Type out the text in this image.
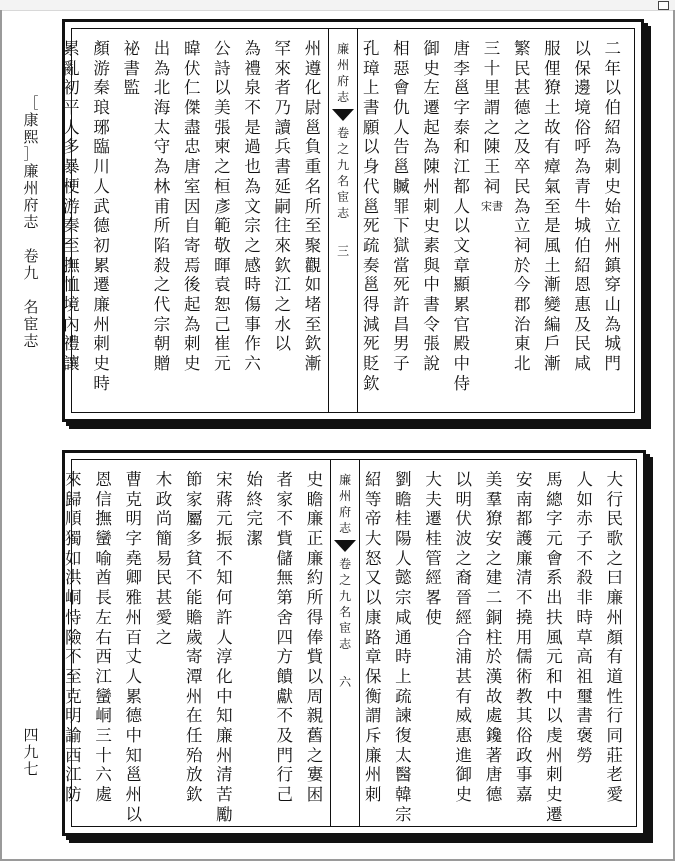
［
康
熙
］
廉
州
府
志

卷
九

名
宦
志
四
九
七
二
年
以
伯
紹
為
刺
史
始
立
州
鎮
穿
山
為
城
門
以
保
邊
境
俗
呼
為
青
牛
城
伯
紹
恩
惠
及
民
咸
服
俚
獠
土
故
有
瘴
氣
至
是
風
土
漸
變
編
戶
漸
繁
民
甚
德
之
及
卒
民
為
立
祠
於
今
郡
治
東
北
三
十
里
謂
之
陳
王
祠
宋書
唐
李
邕
字
泰
和
江
都
人
以
文
章
顯
累
官
殿
中
侍
御
史
左
遷
起
為
陳
州
刺
史
素
與
中
書
令
張
說
相
惡
會
仇
人
告
邕
贓
罪
下
獄
當
死
許
昌
男
子
孔
璋
上
書
願
以
身
代
邕
死
疏
奏
邕
得
減
死
貶
欽
州
遵
化
尉
邕
負
重
名
所
至
聚
觀
如
堵
至
欽
漸
罕
來
者
乃
讀
兵
書
延
嗣
往
來
欽
江
之
水
以
為
禮
泉
不
是
過
也
為
文
宗
之
感
時
傷
事
作
六
公
詩
以
美
張
柬
之
桓
彥
範
敬
暉
袁
恕
己
崔
元
暐
伏
仁
傑
盡
忠
唐
室
因
自
寄
焉
後
起
為
刺
史
出
為
北
海
太
守
為
林
甫
所
陷
殺
之
代
宗
朝
贈
祕
書
監
顏
游
秦
琅
琊
臨
川
人
武
德
初
累
遷
廉
州
刺
史
時
累
亂
初
平
人
多
暴
梗
游
秦
至
撫
恤
境
內
禮
讓
廉
州
府
志
卷
之
九
名
宦
志
三
大
行
民
歌
之
曰
廉
州
顏
有
道
性
行
同
莊
老
愛
人
如
赤
子
不
殺
非
時
草
高
祖
璽
書
褒
勞
馬
總
字
元
會
系
出
扶
風
元
和
中
以
虔
州
刺
史
遷
安
南
都
護
廉
清
不
撓
用
儒
術
教
其
俗
政
事
嘉
美
羣
獠
安
之
建
二
銅
柱
於
漢
故
處
鑱
著
唐
德
以
明
伏
波
之
裔
晉
經
合
浦
甚
有
威
惠
進
御
史
大
夫
遷
桂
管
經
畧
使
劉
瞻
桂
陽
人
懿
宗
咸
通
時
上
疏
諫
復
太
醫
韓
宗
紹
等
帝
大
怒
又
以
康
路
章
保
衡
謂
斥
廉
州
刺
史
瞻
廉
正
廉
約
所
得
俸
貲
以
周
親
舊
之
寠
困
者
家
不
貲
儲
無
第
舍
四
方
饋
獻
不
及
門
行
己
始
終
完
潔
宋
蔣
元
振
不
知
何
許
人
淳
化
中
知
廉
州
清
苦
勵
節
家
屬
多
貧
不
能
贍
歲
寄
潭
州
在
任
殆
放
欽
木
政
尚
簡
易
民
甚
愛
之
曹
克
明
字
堯
卿
雅
州
百
丈
人
累
德
中
知
邕
州
以
恩
信
撫
蠻
喻
酋
長
左
右
西
江
蠻
峒
三
十
六
處
來
歸
順
獨
如
洪
峒
恃
險
不
至
克
明
諭
西
江
防
廉
州
府
志
卷
之
九
名
宦
志
六
